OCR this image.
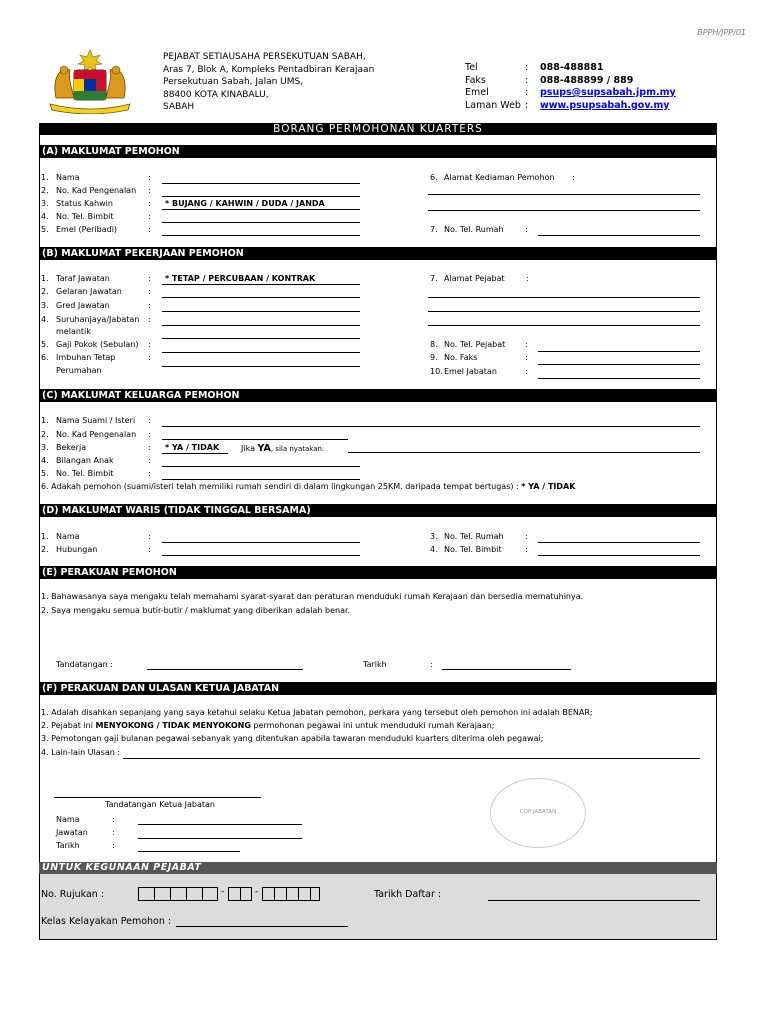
BPPH/JPP/01
PEJABAT SETIAUSAHA PERSEKUTUAN SABAH,
Aras 7, Blok A, Kompleks Pentadbiran Kerajaan
Persekutuan Sabah, Jalan UMS,
88400 KOTA KINABALU,
SABAH
Tel	: 088-488881
Faks	: 088-488899 / 889
Emel	: psups@supsabah.jpm.my
Laman Web : www.psupsabah.gov.my
BORANG PERMOHONAN KUARTERS
(A) MAKLUMAT PEMOHON
1. Nama	:
2. No. Kad Pengenalan :
3. Status Kahwin	: * BUJANG / KAHWIN / DUDA / JANDA
4. No. Tel. Bimbit	:
5. Emel (Peribadi)	:
6. Alamat Kediaman Pemohon :
7. No. Tel. Rumah	:
(B) MAKLUMAT PEKERJAAN PEMOHON
1. Taraf Jawatan	: * TETAP / PERCUBAAN / KONTRAK
2. Gelaran Jawatan	:
3. Gred Jawatan	:
4. Suruhanjaya/Jabatan :
melantik
5. Gaji Pokok (Sebulan) :
6. Imbuhan Tetap	:
Perumahan
7. Alamat Pejabat	:
8. No. Tel. Pejabat :
9. No. Faks	:
10. Emel Jabatan	:
(C) MAKLUMAT KELUARGA PEMOHON
1. Nama Suami / Isteri :
2. No. Kad Pengenalan :
3. Bekerja	: * YA / TIDAK	Jika YA, sila nyatakan:
4. Bilangan Anak	:
5. No. Tel. Bimbit	:
6. Adakah pemohon (suami/isteri telah memiliki rumah sendiri di dalam lingkungan 25KM. daripada tempat bertugas) : * YA / TIDAK
(D) MAKLUMAT WARIS (TIDAK TINGGAL BERSAMA)
1. Nama	:
2. Hubungan	:
3. No. Tel. Rumah	:
4. No. Tel. Bimbit	:
(E) PERAKUAN PEMOHON
1. Bahawasanya saya mengaku telah memahami syarat-syarat dan peraturan menduduki rumah Kerajaan dan bersedia mematuhinya.
2. Saya mengaku semua butir-butir / maklumat yang diberikan adalah benar.
Tandatangan :	Tarikh	:
(F) PERAKUAN DAN ULASAN KETUA JABATAN
1. Adalah disahkan sepanjang yang saya ketahui selaku Ketua Jabatan pemohon, perkara yang tersebut oleh pemohon ini adalah BENAR;
2. Pejabat ini MENYOKONG / TIDAK MENYOKONG permohonan pegawai ini untuk menduduki rumah Kerajaan;
3. Pemotongan gaji bulanan pegawai sebanyak yang ditentukan apabila tawaran menduduki kuarters diterima oleh pegawai;
4. Lain-lain Ulasan :
Tandatangan Ketua Jabatan
Nama	:
Jawatan	:
Tarikh	:
COP JABATAN
UNTUK KEGUNAAN PEJABAT
No. Rujukan :	-	-	Tarikh Daftar :
Kelas Kelayakan Pemohon :
